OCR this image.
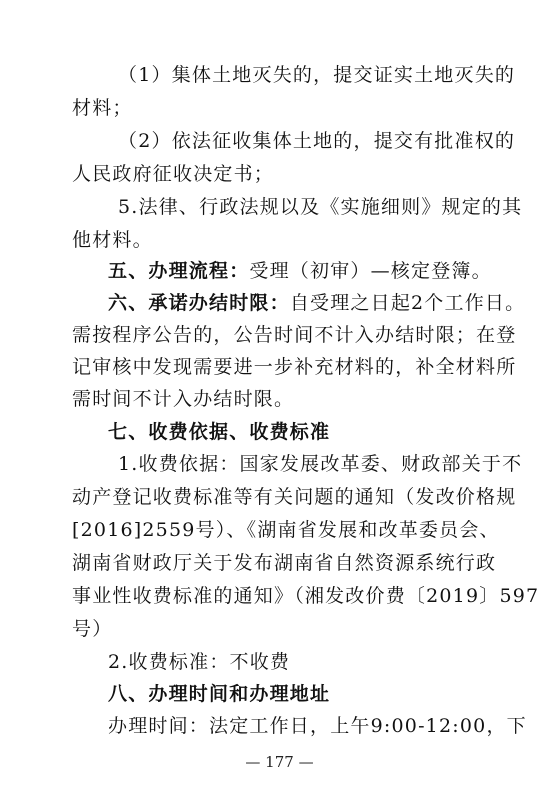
（1）集体土地灭失的，提交证实土地灭失的
材料；
（2）依法征收集体土地的，提交有批准权的
人民政府征收决定书；
5.法律、行政法规以及《实施细则》规定的其
他材料。
五、办理流程：受理（初审）—核定登簿。
六、承诺办结时限：自受理之日起2个工作日。
需按程序公告的，公告时间不计入办结时限；在登
记审核中发现需要进一步补充材料的，补全材料所
需时间不计入办结时限。
七、收费依据、收费标准
1.收费依据：国家发展改革委、财政部关于不
动产登记收费标准等有关问题的通知（发改价格规
[2016]2559号）、《湖南省发展和改革委员会、
湖南省财政厅关于发布湖南省自然资源系统行政
事业性收费标准的通知》（湘发改价费〔2019〕597
号）
2.收费标准：不收费
八、办理时间和办理地址
办理时间：法定工作日，上午9:00-12:00，下
— 177 —
